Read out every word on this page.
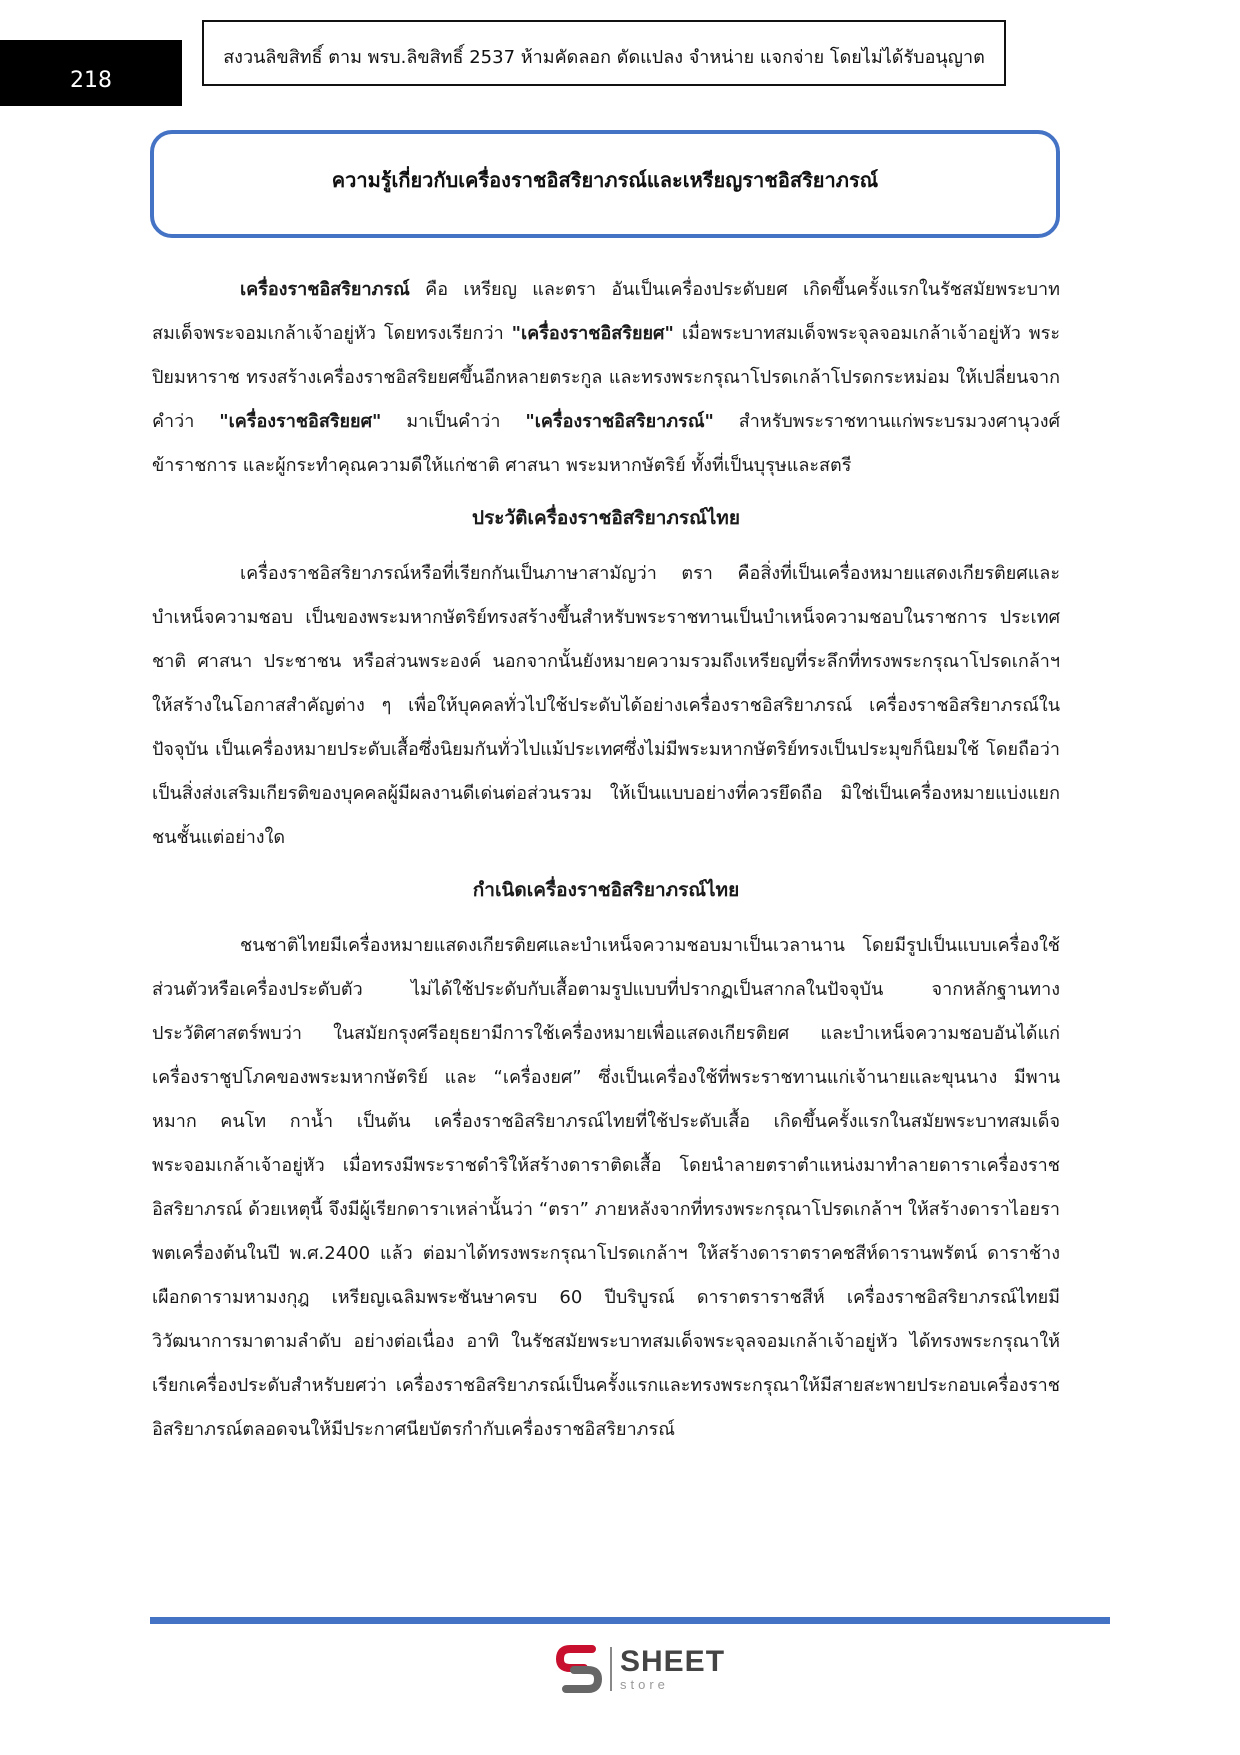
218
สงวนลิขสิทธิ์ ตาม พรบ.ลิขสิทธิ์ 2537 ห้ามคัดลอก ดัดแปลง จำหน่าย แจกจ่าย โดยไม่ได้รับอนุญาต
ความรู้เกี่ยวกับเครื่องราชอิสริยาภรณ์และเหรียญราชอิสริยาภรณ์

เครื่องราชอิสริยาภรณ์ คือ เหรียญ และตรา อันเป็นเครื่องประดับยศ เกิดขึ้นครั้งแรกในรัชสมัยพระบาทสมเด็จพระจอมเกล้าเจ้าอยู่หัว โดยทรงเรียกว่า "เครื่องราชอิสริยยศ" เมื่อพระบาทสมเด็จพระจุลจอมเกล้าเจ้าอยู่หัว พระปิยมหาราช ทรงสร้างเครื่องราชอิสริยยศขึ้นอีกหลายตระกูล และทรงพระกรุณาโปรดเกล้าโปรดกระหม่อม ให้เปลี่ยนจากคำว่า "เครื่องราชอิสริยยศ" มาเป็นคำว่า "เครื่องราชอิสริยาภรณ์" สำหรับพระราชทานแก่พระบรมวงศานุวงศ์ ข้าราชการ และผู้กระทำคุณความดีให้แก่ชาติ ศาสนา พระมหากษัตริย์ ทั้งที่เป็นบุรุษและสตรี

ประวัติเครื่องราชอิสริยาภรณ์ไทย

เครื่องราชอิสริยาภรณ์หรือที่เรียกกันเป็นภาษาสามัญว่า ตรา คือสิ่งที่เป็นเครื่องหมายแสดงเกียรติยศและบำเหน็จความชอบ เป็นของพระมหากษัตริย์ทรงสร้างขึ้นสำหรับพระราชทานเป็นบำเหน็จความชอบในราชการ ประเทศชาติ ศาสนา ประชาชน หรือส่วนพระองค์ นอกจากนั้นยังหมายความรวมถึงเหรียญที่ระลึกที่ทรงพระกรุณาโปรดเกล้าฯ ให้สร้างในโอกาสสำคัญต่าง ๆ เพื่อให้บุคคลทั่วไปใช้ประดับได้อย่างเครื่องราชอิสริยาภรณ์ เครื่องราชอิสริยาภรณ์ในปัจจุบัน เป็นเครื่องหมายประดับเสื้อซึ่งนิยมกันทั่วไปแม้ประเทศซึ่งไม่มีพระมหากษัตริย์ทรงเป็นประมุขก็นิยมใช้ โดยถือว่าเป็นสิ่งส่งเสริมเกียรติของบุคคลผู้มีผลงานดีเด่นต่อส่วนรวม ให้เป็นแบบอย่างที่ควรยึดถือ มิใช่เป็นเครื่องหมายแบ่งแยกชนชั้นแต่อย่างใด

กำเนิดเครื่องราชอิสริยาภรณ์ไทย

ชนชาติไทยมีเครื่องหมายแสดงเกียรติยศและบำเหน็จความชอบมาเป็นเวลานาน โดยมีรูปเป็นแบบเครื่องใช้ส่วนตัวหรือเครื่องประดับตัว ไม่ได้ใช้ประดับกับเสื้อตามรูปแบบที่ปรากฏเป็นสากลในปัจจุบัน จากหลักฐานทางประวัติศาสตร์พบว่า ในสมัยกรุงศรีอยุธยามีการใช้เครื่องหมายเพื่อแสดงเกียรติยศ และบำเหน็จความชอบอันได้แก่ เครื่องราชูปโภคของพระมหากษัตริย์ และ “เครื่องยศ” ซึ่งเป็นเครื่องใช้ที่พระราชทานแก่เจ้านายและขุนนาง มีพานหมาก คนโท กาน้ำ เป็นต้น เครื่องราชอิสริยาภรณ์ไทยที่ใช้ประดับเสื้อ เกิดขึ้นครั้งแรกในสมัยพระบาทสมเด็จพระจอมเกล้าเจ้าอยู่หัว เมื่อทรงมีพระราชดำริให้สร้างดาราติดเสื้อ โดยนำลายตราตำแหน่งมาทำลายดาราเครื่องราชอิสริยาภรณ์ ด้วยเหตุนี้ จึงมีผู้เรียกดาราเหล่านั้นว่า “ตรา” ภายหลังจากที่ทรงพระกรุณาโปรดเกล้าฯ ให้สร้างดาราไอยราพตเครื่องต้นในปี พ.ศ.2400 แล้ว ต่อมาได้ทรงพระกรุณาโปรดเกล้าฯ ให้สร้างดาราตราคชสีห์ดารานพรัตน์ ดาราช้างเผือกดารามหามงกุฎ เหรียญเฉลิมพระชันษาครบ 60 ปีบริบูรณ์ ดาราตราราชสีห์ เครื่องราชอิสริยาภรณ์ไทยมีวิวัฒนาการมาตามลำดับ อย่างต่อเนื่อง อาทิ ในรัชสมัยพระบาทสมเด็จพระจุลจอมเกล้าเจ้าอยู่หัว ได้ทรงพระกรุณาให้เรียกเครื่องประดับสำหรับยศว่า เครื่องราชอิสริยาภรณ์เป็นครั้งแรกและทรงพระกรุณาให้มีสายสะพายประกอบเครื่องราชอิสริยาภรณ์ตลอดจนให้มีประกาศนียบัตรกำกับเครื่องราชอิสริยาภรณ์

SHEET
store
